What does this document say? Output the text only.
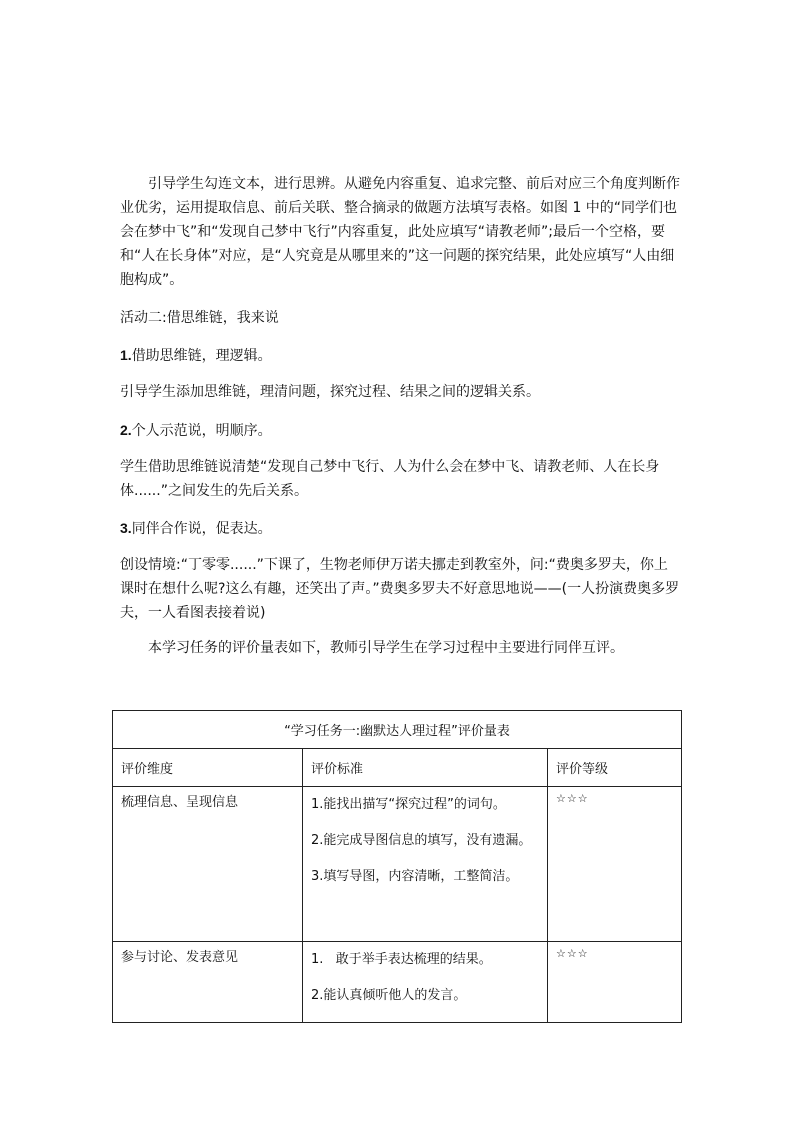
引导学生勾连文本，进行思辨。从避免内容重复、追求完整、前后对应三个角度判断作业优劣，运用提取信息、前后关联、整合摘录的做题方法填写表格。如图 1 中的“同学们也会在梦中飞”和“发现自己梦中飞行”内容重复，此处应填写“请教老师”;最后一个空格，要和“人在长身体”对应，是“人究竟是从哪里来的”这一问题的探究结果，此处应填写“人由细胞构成”。

活动二:借思维链，我来说

1.借助思维链，理逻辑。

引导学生添加思维链，理清问题，探究过程、结果之间的逻辑关系。

2.个人示范说，明顺序。

学生借助思维链说清楚“发现自己梦中飞行、人为什么会在梦中飞、请教老师、人在长身体......”之间发生的先后关系。

3.同伴合作说，促表达。

创设情境:“丁零零......”下课了，生物老师伊万诺夫挪走到教室外，问:“费奥多罗夫，你上课时在想什么呢?这么有趣，还笑出了声。”费奥多罗夫不好意思地说——(一人扮演费奥多罗夫，一人看图表接着说)

本学习任务的评价量表如下，教师引导学生在学习过程中主要进行同伴互评。

“学习任务一:幽默达人理过程”评价量表		
评价维度	评价标准	评价等级
梳理信息、呈现信息	1.能找出描写“探究过程”的词句。
2.能完成导图信息的填写，没有遗漏。
3.填写导图，内容清晰，工整简洁。	☆☆☆
参与讨论、发表意见	1.   敢于举手表达梳理的结果。
2.能认真倾听他人的发言。	☆☆☆
